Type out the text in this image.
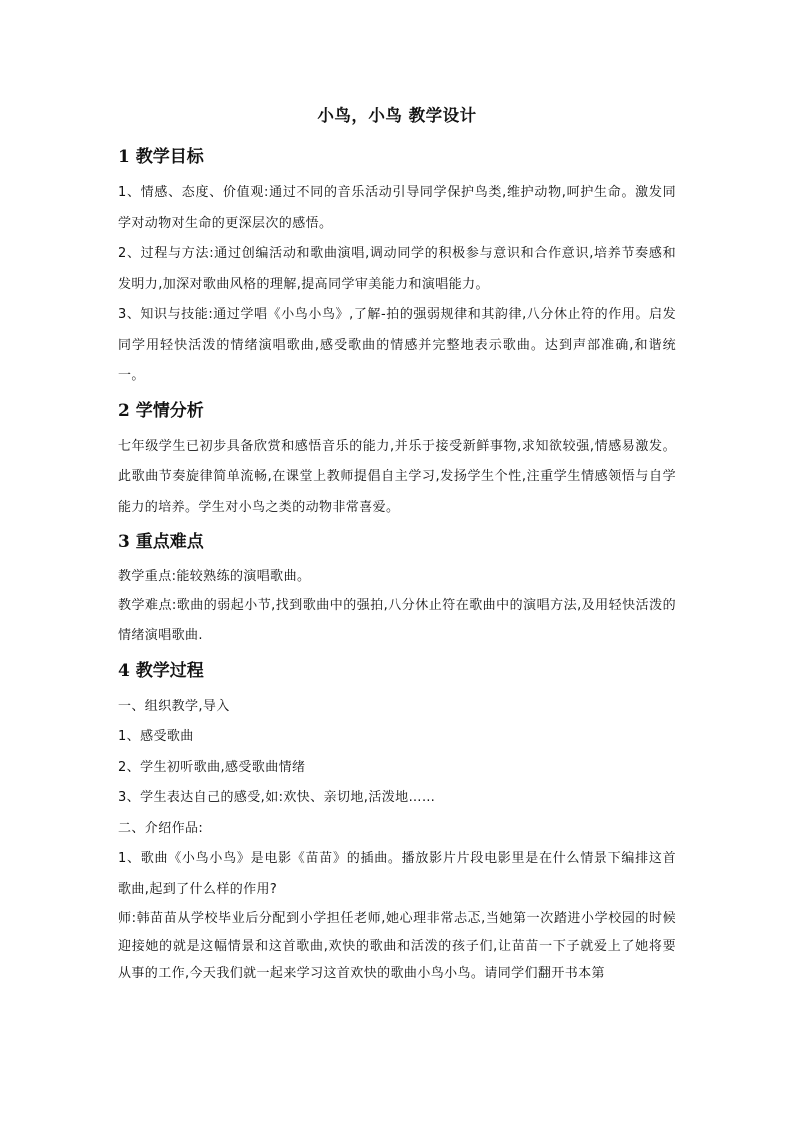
小鸟，小鸟 教学设计
1 教学目标

1、情感、态度、价值观:通过不同的音乐活动引导同学保护鸟类,维护动物,呵护生命。激发同学对动物对生命的更深层次的感悟。

2、过程与方法:通过创编活动和歌曲演唱,调动同学的积极参与意识和合作意识,培养节奏感和发明力,加深对歌曲风格的理解,提高同学审美能力和演唱能力。

3、知识与技能:通过学唱《小鸟小鸟》,了解-拍的强弱规律和其韵律,八分休止符的作用。启发同学用轻快活泼的情绪演唱歌曲,感受歌曲的情感并完整地表示歌曲。达到声部准确,和谐统一。

2 学情分析

七年级学生已初步具备欣赏和感悟音乐的能力,并乐于接受新鲜事物,求知欲较强,情感易激发。此歌曲节奏旋律简单流畅,在课堂上教师提倡自主学习,发扬学生个性,注重学生情感领悟与自学能力的培养。学生对小鸟之类的动物非常喜爱。

3 重点难点

教学重点:能较熟练的演唱歌曲。

教学难点:歌曲的弱起小节,找到歌曲中的强拍,八分休止符在歌曲中的演唱方法,及用轻快活泼的情绪演唱歌曲.

4 教学过程

一、组织教学,导入

1、感受歌曲

2、学生初听歌曲,感受歌曲情绪

3、学生表达自己的感受,如:欢快、亲切地,活泼地……

二、介绍作品:

1、歌曲《小鸟小鸟》是电影《苗苗》的插曲。播放影片片段电影里是在什么情景下编排这首歌曲,起到了什么样的作用?

师:韩苗苗从学校毕业后分配到小学担任老师,她心理非常忐忑,当她第一次踏进小学校园的时候迎接她的就是这幅情景和这首歌曲,欢快的歌曲和活泼的孩子们,让苗苗一下子就爱上了她将要从事的工作,今天我们就一起来学习这首欢快的歌曲小鸟小鸟。请同学们翻开书本第
